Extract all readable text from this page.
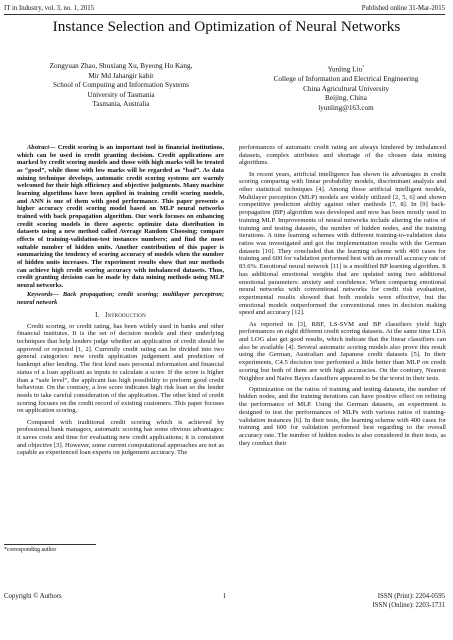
IT in Industry, vol. 3, no. 1, 2015	Published online 31-Mar-2015
Instance Selection and Optimization of Neural Networks
Zongyuan Zhao, Shuxiang Xu, Byeong Ho Kang,
Mir Md Jahangir kabir
School of Computing and Information Systems
University of Tasmania
Tasmania, Australia
Yunling Liu*
College of Information and Electrical Engineering
China Agricultural University
Beijing, China
lyunling@163.com

Abstract— Credit scoring is an important tool in financial institutions, which can be used in credit granting decision. Credit applications are marked by credit scoring models and those with high marks will be treated as “good”, while those with low marks will be regarded as “bad”. As data mining technique develops, automatic credit scoring systems are warmly welcomed for their high efficiency and objective judgments. Many machine learning algorithms have been applied in training credit scoring models, and ANN is one of them with good performance. This paper presents a higher accuracy credit scoring model based on MLP neural networks trained with back propagation algorithm. Our work focuses on enhancing credit scoring models in three aspects: optimize data distribution in datasets using a new method called Average Random Choosing; compare effects of training-validation-test instances numbers; and find the most suitable number of hidden units. Another contribution of this paper is summarizing the tendency of scoring accuracy of models when the number of hidden units increases. The experiment results show that our methods can achieve high credit scoring accuracy with imbalanced datasets. Thus, credit granting decision can be made by data mining methods using MLP neural networks.

Keywords— Back propagation; credit scoring; multilayer perceptron; neural network

I. Introduction

Credit scoring, or credit rating, has been widely used in banks and other financial institutes. It is the set of decision models and their underlying techniques that help lenders judge whether an application of credit should be approved or rejected [1, 2]. Currently credit rating can be divided into two general categories: new credit application judgement and prediction of bankrupt after lending. The first kind uses personal information and financial status of a loan applicant as inputs to calculate a score. If the score is higher than a “safe level”, the applicant has high possibility to preform good credit behaviour. On the contrary, a low score indicates high risk loan so the lender needs to take careful consideration of the application. The other kind of credit scoring focuses on the credit record of existing customers. This paper focuses on application scoring.

Compared with traditional credit scoring which is achieved by professional bank managers, automatic scoring has some obvious advantages: it saves costs and time for evaluating new credit applications; it is consistent and objective [3]. However, some current computational approaches are not as capable as experienced loan experts on judgement accuracy. The

performances of automatic credit rating are always hindered by imbalanced datasets, complex attributes and shortage of the chosen data mining algorithms.

In recent years, artificial intelligence has shown its advantages in credit scoring comparing with linear probability models, discriminant analysis and other statistical techniques [4]. Among those artificial intelligent models, Multilayer perception (MLP) models are widely utilized [2, 5, 6] and shown competitive prediction ability against other methods [7, 8]. In [9] back-propagation (BP) algorithm was developed and now has been mostly used in training MLP. Improvements of neural networks include altering the ratios of training and testing datasets, the number of hidden nodes, and the training iterations. A nine learning schemes with different training-to-validation data ratios was investigated and got the implementation results with the German datasets [10]. They concluded that the learning scheme with 400 cases for training and 600 for validation performed best with an overall accuracy rate of 83.6%. Emotional neural network [11] is a modified BP learning algorithm. It has additional emotional weights that are updated using two additional emotional parameters: anxiety and confidence. When comparing emotional neural networks with conventional networks for credit risk evaluation, experimental results showed that both models were effective, but the emotional models outperformed the conventional ones in decision making speed and accuracy [12].

As reported in [3], RBF, LS-SVM and BP classifiers yield high performances on eight different credit scoring datasets. At the same time LDA and LOG also get good results, which indicate that the linear classifiers can also be available [4]. Several automatic scoring models also prove this result using the German, Australian and Japanese credit datasets [5]. In their experiments, C4.5 decision tree performed a little better than MLP on credit scoring but both of them are with high accuracies. On the contrary, Nearest Neighbor and Naive Bayes classifiers appeared to be the worst in their tests.

Optimization on the ratios of training and testing datasets, the number of hidden nodes, and the training iterations can have positive effect on refining the performance of MLP. Using the German datasets, an experiment is designed to test the performances of MLPs with various ratios of training-validation instances [6]. In their tests, the learning scheme with 400 cases for training and 600 for validation performed best regarding to the overall accuracy rate. The number of hidden nodes is also considered in their tests, as they conduct their

*corresponding author
Copyright © Authors	1	ISSN (Print): 2204-0595
ISSN (Online): 2203-1731
